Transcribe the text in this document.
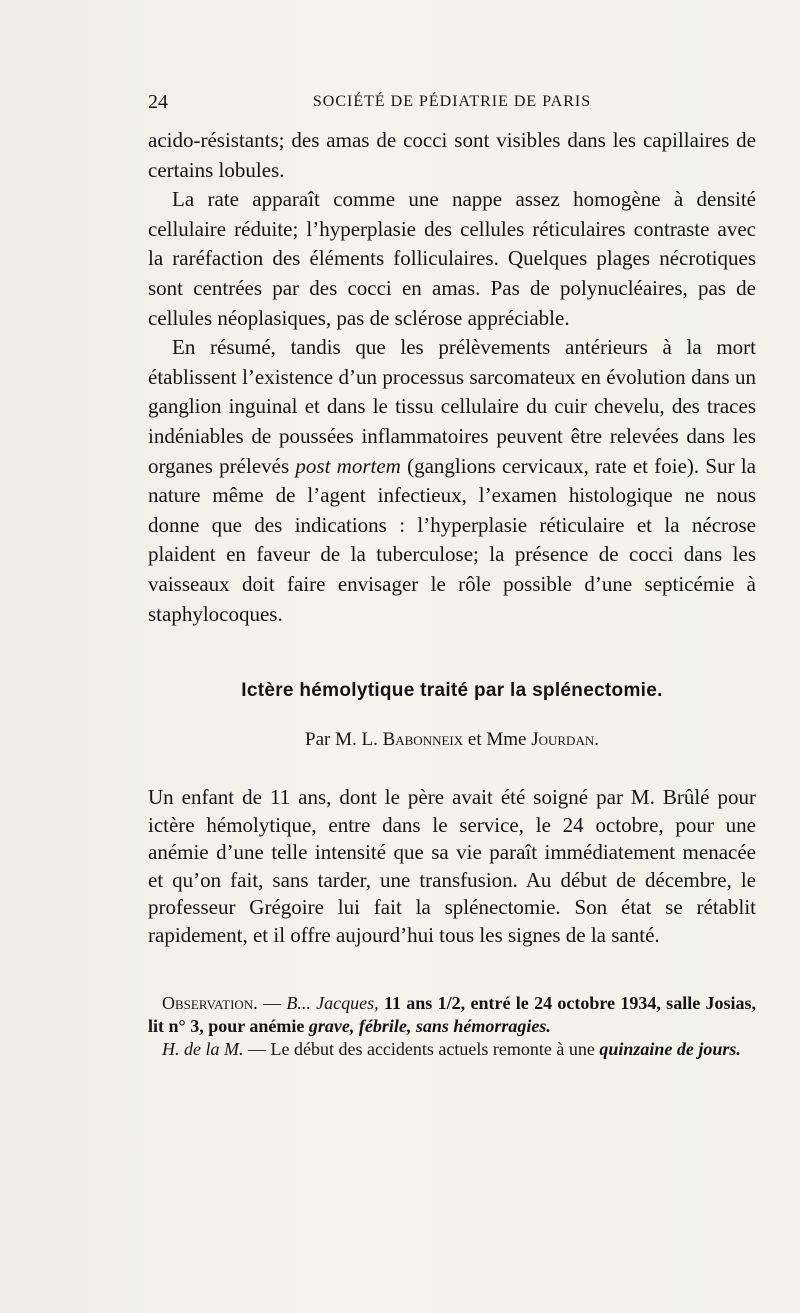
24	SOCIÉTÉ DE PÉDIATRIE DE PARIS

acido-résistants; des amas de cocci sont visibles dans les capillaires de certains lobules.

La rate apparaît comme une nappe assez homogène à densité cellulaire réduite; l’hyperplasie des cellules réticulaires contraste avec la raréfaction des éléments folliculaires. Quelques plages nécrotiques sont centrées par des cocci en amas. Pas de polynucléaires, pas de cellules néoplasiques, pas de sclérose appréciable.

En résumé, tandis que les prélèvements antérieurs à la mort établissent l’existence d’un processus sarcomateux en évolution dans un ganglion inguinal et dans le tissu cellulaire du cuir chevelu, des traces indéniables de poussées inflammatoires peuvent être relevées dans les organes prélevés post mortem (ganglions cervicaux, rate et foie). Sur la nature même de l’agent infectieux, l’examen histologique ne nous donne que des indications : l’hyperplasie réticulaire et la nécrose plaident en faveur de la tuberculose; la présence de cocci dans les vaisseaux doit faire envisager le rôle possible d’une septicémie à staphylocoques.

Ictère hémolytique traité par la splénectomie.
Par M. L. Babonneix et Mme Jourdan.

Un enfant de 11 ans, dont le père avait été soigné par M. Brûlé pour ictère hémolytique, entre dans le service, le 24 octobre, pour une anémie d’une telle intensité que sa vie paraît immédiatement menacée et qu’on fait, sans tarder, une transfusion. Au début de décembre, le professeur Grégoire lui fait la splénectomie. Son état se rétablit rapidement, et il offre aujourd’hui tous les signes de la santé.

Observation. — B... Jacques, 11 ans 1/2, entré le 24 octobre 1934, salle Josias, lit n° 3, pour anémie grave, fébrile, sans hémorragies.

H. de la M. — Le début des accidents actuels remonte à une quinzaine de jours.
